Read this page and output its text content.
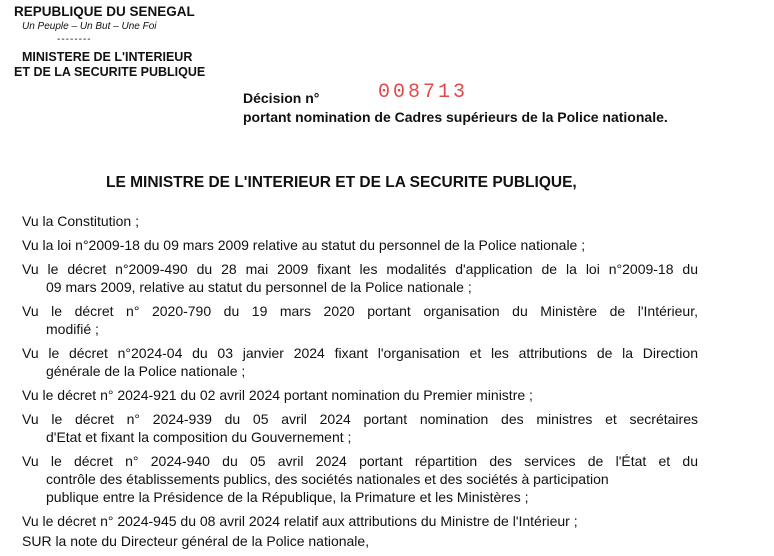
REPUBLIQUE DU SENEGAL
Un Peuple – Un But – Une Foi
--------
MINISTERE DE L'INTERIEUR
ET DE LA SECURITE PUBLIQUE
Décision n°	008713
portant nomination de Cadres supérieurs de la Police nationale.
LE MINISTRE DE L'INTERIEUR ET DE LA SECURITE PUBLIQUE,
Vu la Constitution ;
Vu la loi n°2009-18 du 09 mars 2009 relative au statut du personnel de la Police nationale ;
Vu le décret n°2009-490 du 28 mai 2009 fixant les modalités d'application de la loi n°2009-18 du
09 mars 2009, relative au statut du personnel de la Police nationale ;
Vu le décret n° 2020-790 du 19 mars 2020 portant organisation du Ministère de l'Intérieur,
modifié ;
Vu le décret n°2024-04 du 03 janvier 2024 fixant l'organisation et les attributions de la Direction
générale de la Police nationale ;
Vu le décret n° 2024-921 du 02 avril 2024 portant nomination du Premier ministre ;
Vu le décret n° 2024-939 du 05 avril 2024 portant nomination des ministres et secrétaires
d'Etat et fixant la composition du Gouvernement ;
Vu le décret n° 2024-940 du 05 avril 2024 portant répartition des services de l'État et du
contrôle des établissements publics, des sociétés nationales et des sociétés à participation
publique entre la Présidence de la République, la Primature et les Ministères ;
Vu le décret n° 2024-945 du 08 avril 2024 relatif aux attributions du Ministre de l'Intérieur ;
SUR la note du Directeur général de la Police nationale,
